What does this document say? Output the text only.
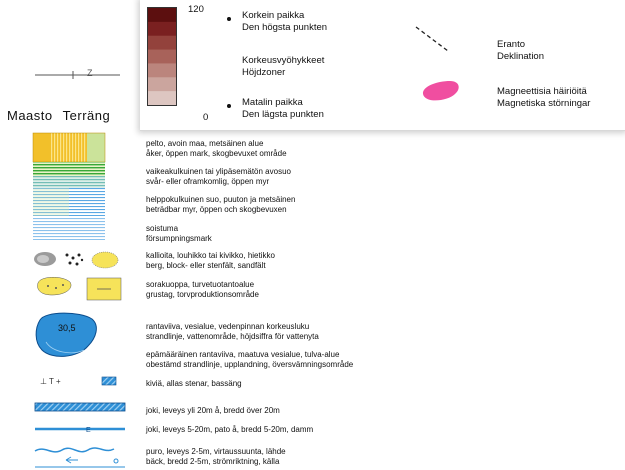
Z
120
0
Korkein paikka
Den högsta punkten
Korkeusvyöhykkeet
Höjdzoner
Matalin paikka
Den lägsta punkten
Eranto
Deklination
Magneettisia häiriöitä
Magnetiska störningar
Maasto Terräng
30,5
⊥ T +
E
pelto, avoin maa, metsäinen alue
åker, öppen mark, skogbevuxet område
vaikeakulkuinen tai ylipäsemätön avosuo
svår- eller oframkomlig, öppen myr
helppokulkuinen suo, puuton ja metsäinen
beträdbar myr, öppen och skogbevuxen
soistuma
försumpningsmark
kallioita, louhikko tai kivikko, hietikko
berg, block- eller stenfält, sandfält
sorakuoppa, turvetuotantoalue
grustag, torvproduktionsområde
rantaviiva, vesialue, vedenpinnan korkeusluku
strandlinje, vattenområde, höjdsiffra för vattenyta
epämääräinen rantaviiva, maatuva vesialue, tulva-alue
obestämd strandlinje, upplandning, översvämningsområde
kiviä, allas stenar, bassäng
joki, leveys yli 20m å, bredd över 20m
joki, leveys 5-20m, pato å, bredd 5-20m, damm
puro, leveys 2-5m, virtaussuunta, lähde
bäck, bredd 2-5m, strömriktning, källa
